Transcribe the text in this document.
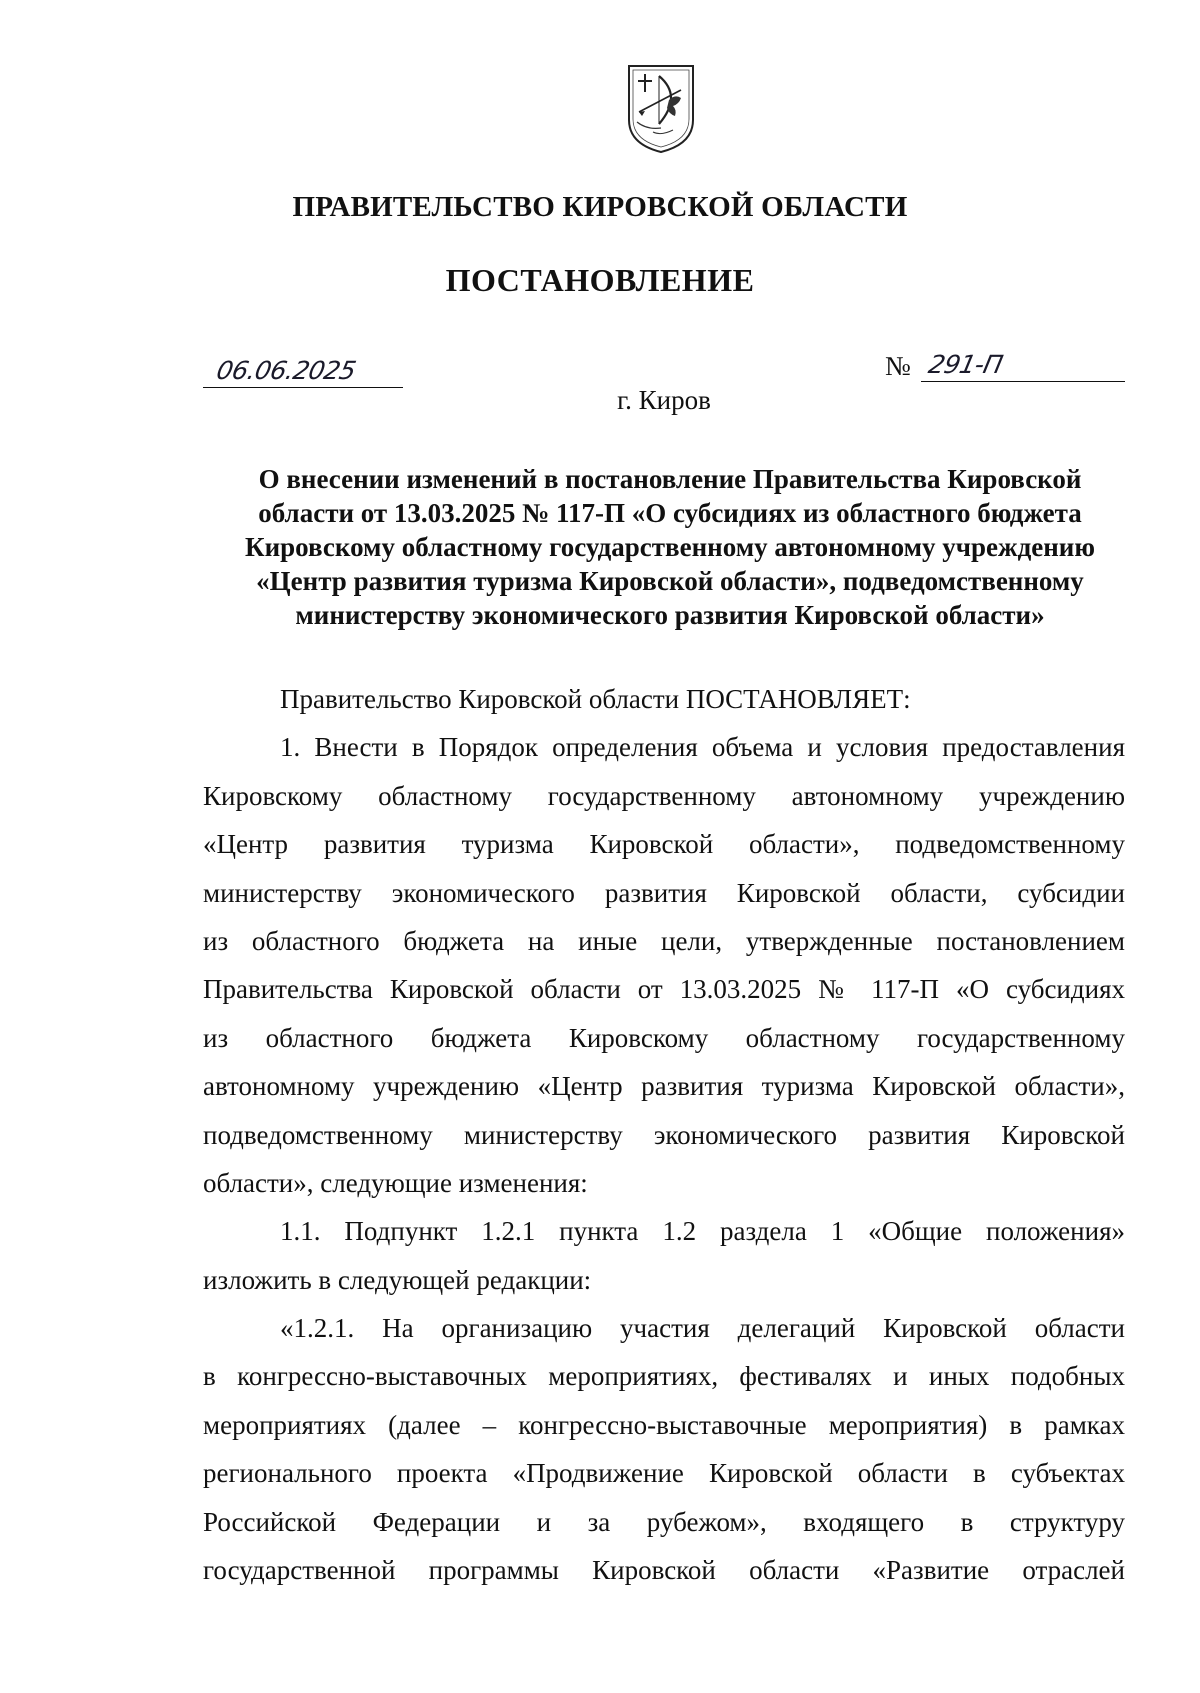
ПРАВИТЕЛЬСТВО КИРОВСКОЙ ОБЛАСТИ
ПОСТАНОВЛЕНИЕ
06.06.2025	№ 291-П
г. Киров
О внесении изменений в постановление Правительства Кировской
области от 13.03.2025 № 117-П «О субсидиях из областного бюджета
Кировскому областному государственному автономному учреждению
«Центр развития туризма Кировской области», подведомственному
министерству экономического развития Кировской области»
Правительство Кировской области ПОСТАНОВЛЯЕТ:
1. Внести в Порядок определения объема и условия предоставления
Кировскому областному государственному автономному учреждению
«Центр развития туризма Кировской области», подведомственному
министерству экономического развития Кировской области, субсидии
из областного бюджета на иные цели, утвержденные постановлением
Правительства Кировской области от 13.03.2025 № 117-П «О субсидиях
из областного бюджета Кировскому областному государственному
автономному учреждению «Центр развития туризма Кировской области»,
подведомственному министерству экономического развития Кировской
области», следующие изменения:
1.1. Подпункт 1.2.1 пункта 1.2 раздела 1 «Общие положения»
изложить в следующей редакции:
«1.2.1. На организацию участия делегаций Кировской области
в конгрессно-выставочных мероприятиях, фестивалях и иных подобных
мероприятиях (далее – конгрессно-выставочные мероприятия) в рамках
регионального проекта «Продвижение Кировской области в субъектах
Российской Федерации и за рубежом», входящего в структуру
государственной программы Кировской области «Развитие отраслей
